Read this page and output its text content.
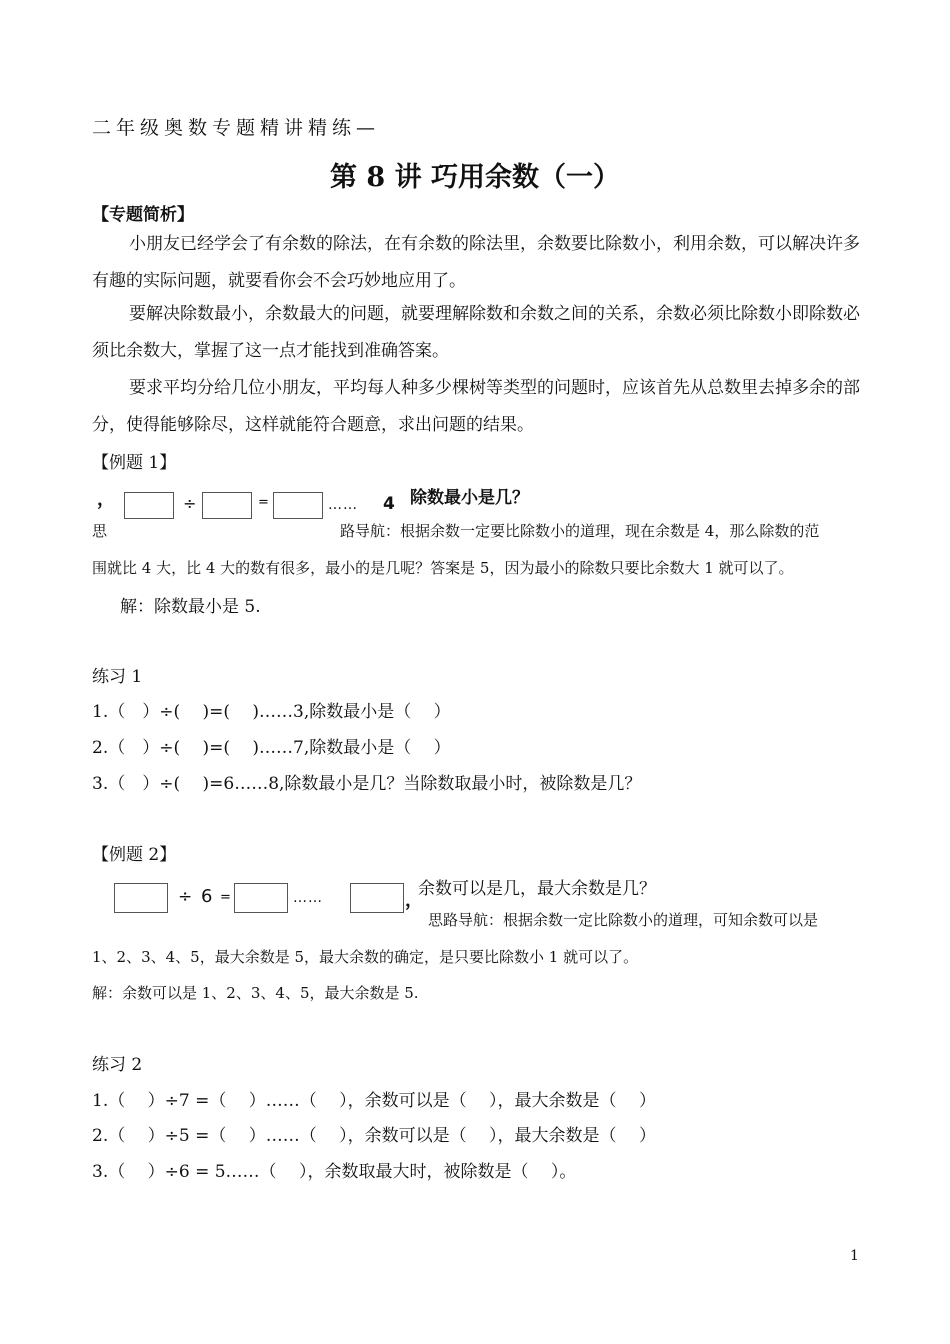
二年级奥数专题精讲精练—
第 8 讲 巧用余数（一）
【专题简析】
小朋友已经学会了有余数的除法，在有余数的除法里，余数要比除数小，利用余数，可以解决许多有趣的实际问题，就要看你会不会巧妙地应用了。
要解决除数最小，余数最大的问题，就要理解除数和余数之间的关系，余数必须比除数小即除数必须比余数大，掌握了这一点才能找到准确答案。
要求平均分给几位小朋友，平均每人种多少棵树等类型的问题时，应该首先从总数里去掉多余的部分，使得能够除尽，这样就能符合题意，求出问题的结果。
【例题 1】
，	÷	=	…… 4 除数最小是几？
思	路导航：根据余数一定要比除数小的道理，现在余数是 4，那么除数的范
围就比 4 大，比 4 大的数有很多，最小的是几呢？答案是 5，因为最小的除数只要比余数大 1 就可以了。
解：除数最小是 5.
练习 1
1.（　）÷(　 )=(　 )……3,除数最小是（　 ）
2.（　）÷(　 )=(　 )……7,除数最小是（　 ）
3.（　）÷(　 )=6……8,除数最小是几？当除数取最小时，被除数是几？
【例题 2】
÷ 6 =	……	，
余数可以是几，最大余数是几？
思路导航：根据余数一定比除数小的道理，可知余数可以是
1、2、3、4、5，最大余数是 5，最大余数的确定，是只要比除数小 1 就可以了。
解：余数可以是 1、2、3、4、5，最大余数是 5.
练习 2
1.（　 ）÷7 =（　 ）……（　 ），余数可以是（　 ），最大余数是（　 ）
2.（　 ）÷5 =（　 ）……（　 ），余数可以是（　 ），最大余数是（　 ）
3.（　 ）÷6 = 5……（　 ），余数取最大时，被除数是（　 ）。
1
